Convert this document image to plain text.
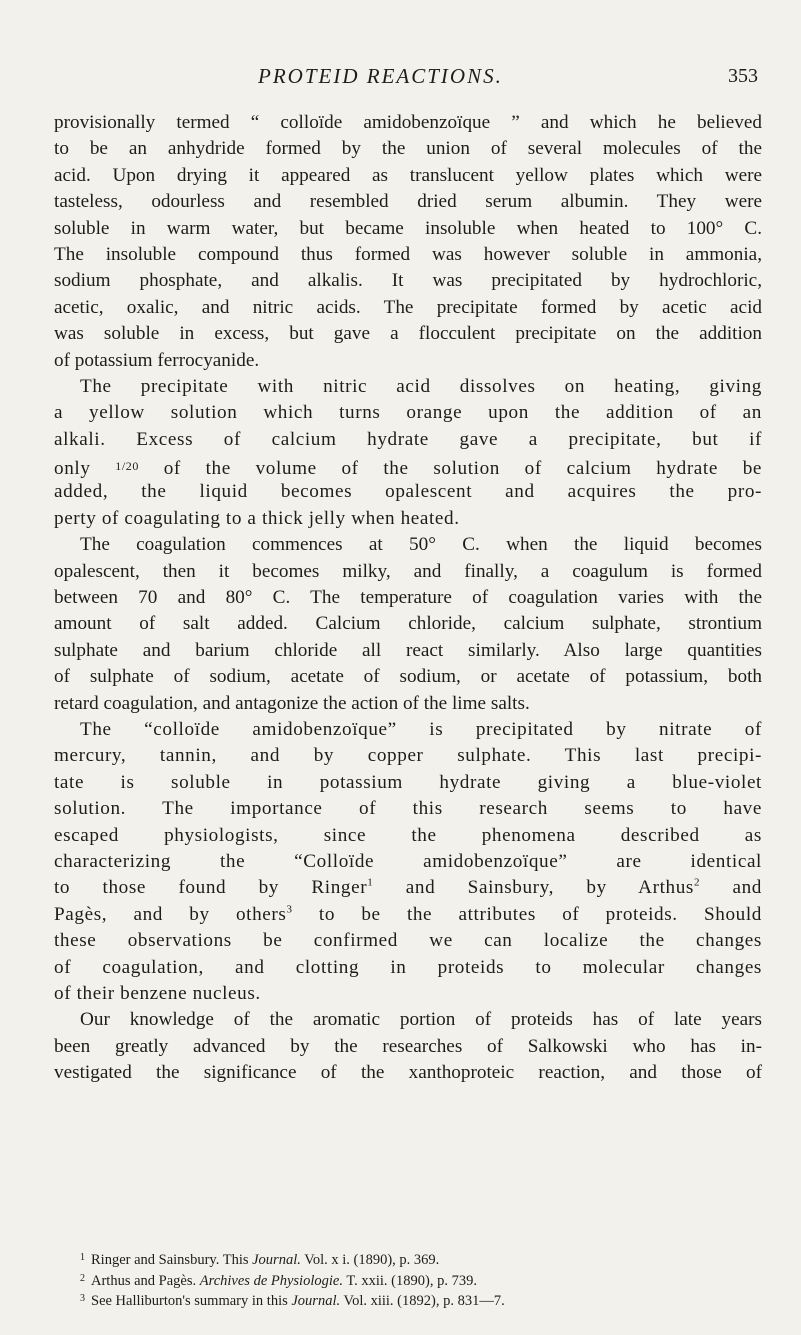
PROTEID REACTIONS.	353

provisionally termed “ colloïde amidobenzoïque ” and which he believed

to be an anhydride formed by the union of several molecules of the

acid. Upon drying it appeared as translucent yellow plates which were

tasteless, odourless and resembled dried serum albumin. They were

soluble in warm water, but became insoluble when heated to 100° C.

The insoluble compound thus formed was however soluble in ammonia,

sodium phosphate, and alkalis. It was precipitated by hydrochloric,

acetic, oxalic, and nitric acids. The precipitate formed by acetic acid

was soluble in excess, but gave a flocculent precipitate on the addition

of potassium ferrocyanide.

The precipitate with nitric acid dissolves on heating, giving

a yellow solution which turns orange upon the addition of an

alkali. Excess of calcium hydrate gave a precipitate, but if

only $^{1/20}$ of the volume of the solution of calcium hydrate be

added, the liquid becomes opalescent and acquires the pro-

perty of coagulating to a thick jelly when heated.

The coagulation commences at 50° C. when the liquid becomes

opalescent, then it becomes milky, and finally, a coagulum is formed

between 70 and 80° C. The temperature of coagulation varies with the

amount of salt added. Calcium chloride, calcium sulphate, strontium

sulphate and barium chloride all react similarly. Also large quantities

of sulphate of sodium, acetate of sodium, or acetate of potassium, both

retard coagulation, and antagonize the action of the lime salts.

The “colloïde amidobenzoïque” is precipitated by nitrate of

mercury, tannin, and by copper sulphate. This last precipi-

tate is soluble in potassium hydrate giving a blue-violet

solution. The importance of this research seems to have

escaped physiologists, since the phenomena described as

characterizing the “Colloïde amidobenzoïque” are identical

to those found by Ringer$^1$ and Sainsbury, by Arthus$^2$ and

Pagès, and by others$^3$ to be the attributes of proteids. Should

these observations be confirmed we can localize the changes

of coagulation, and clotting in proteids to molecular changes

of their benzene nucleus.

Our knowledge of the aromatic portion of proteids has of late years

been greatly advanced by the researches of Salkowski who has in-

vestigated the significance of the xanthoproteic reaction, and those of

$^1$ Ringer and Sainsbury. This Journal. Vol. x i. (1890), p. 369.

$^2$ Arthus and Pagès. Archives de Physiologie. T. xxii. (1890), p. 739.

$^3$ See Halliburton's summary in this Journal. Vol. xiii. (1892), p. 831—7.
